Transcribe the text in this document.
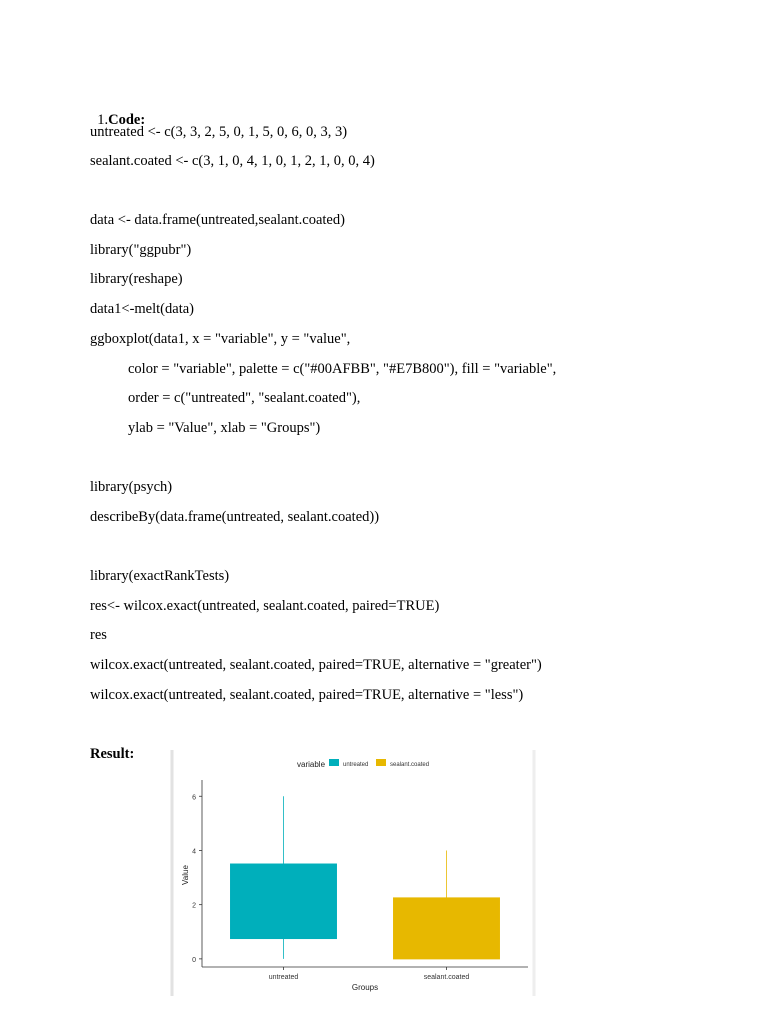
1.Code:

untreated <- c(3, 3, 2, 5, 0, 1, 5, 0, 6, 0, 3, 3)
sealant.coated <- c(3, 1, 0, 4, 1, 0, 1, 2, 1, 0, 0, 4)
data <- data.frame(untreated,sealant.coated)
library("ggpubr")
library(reshape)
data1<-melt(data)
ggboxplot(data1, x = "variable", y = "value",
color = "variable", palette = c("#00AFBB", "#E7B800"), fill = "variable",
order = c("untreated", "sealant.coated"),
ylab = "Value", xlab = "Groups")
library(psych)
describeBy(data.frame(untreated, sealant.coated))
library(exactRankTests)
res<- wilcox.exact(untreated, sealant.coated, paired=TRUE)
res
wilcox.exact(untreated, sealant.coated, paired=TRUE, alternative = "greater")
wilcox.exact(untreated, sealant.coated, paired=TRUE, alternative = "less")
Result:
variable	untreated	sealant.coated
0
2
4
6
untreated	sealant.coated
Groups
Value
